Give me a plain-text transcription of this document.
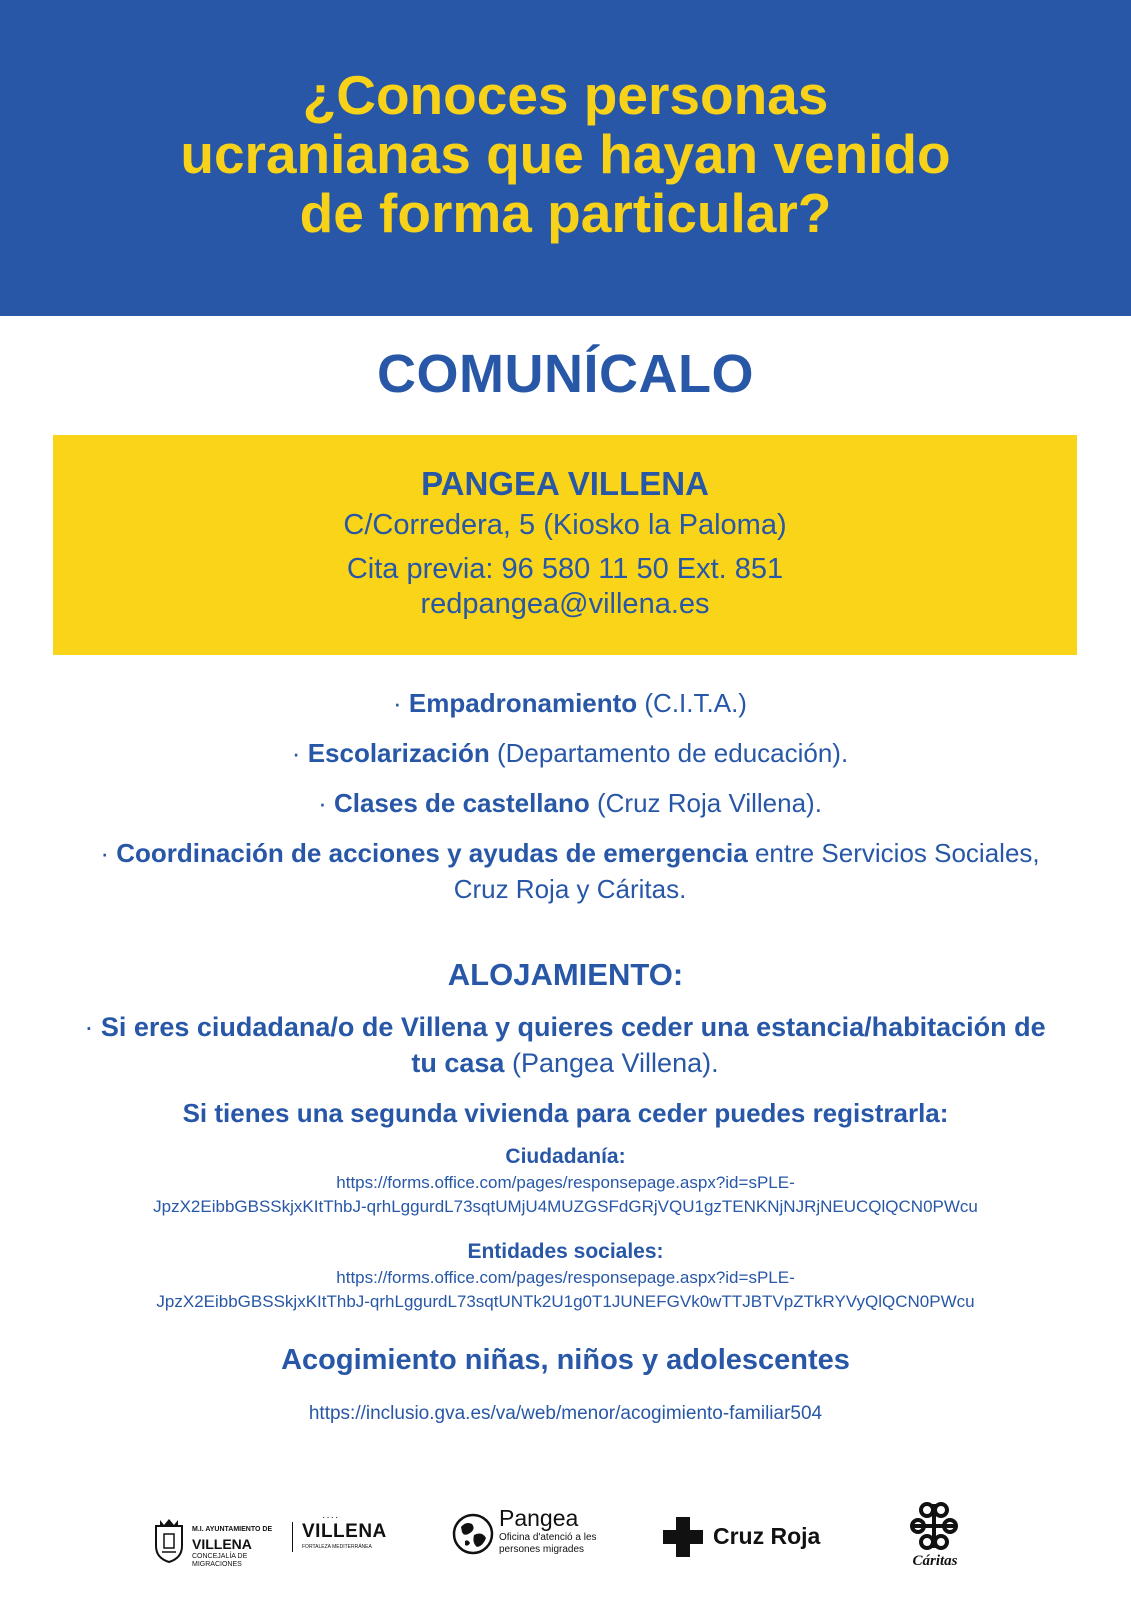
¿Conoces personas
ucranianas que hayan venido
de forma particular?
COMUNÍCALO
PANGEA VILLENA
C/Corredera, 5 (Kiosko la Paloma)
Cita previa: 96 580 11 50 Ext. 851
redpangea@villena.es

· Empadronamiento (C.I.T.A.)

· Escolarización (Departamento de educación).

· Clases de castellano (Cruz Roja Villena).

· Coordinación de acciones y ayudas de emergencia entre Servicios Sociales, Cruz Roja y Cáritas.

ALOJAMIENTO:

· Si eres ciudadana/o de Villena y quieres ceder una estancia/habitación de tu casa (Pangea Villena).

Si tienes una segunda vivienda para ceder puedes registrarla:

Ciudadanía:

https://forms.office.com/pages/responsepage.aspx?id=sPLE-
JpzX2EibbGBSSkjxKItThbJ-qrhLggurdL73sqtUMjU4MUZGSFdGRjVQU1gzTENKNjNJRjNEUCQlQCN0PWcu

Entidades sociales:

https://forms.office.com/pages/responsepage.aspx?id=sPLE-
JpzX2EibbGBSSkjxKItThbJ-qrhLggurdL73sqtUNTk2U1g0T1JUNEFGVk0wTTJBTVpZTkRYVyQlQCN0PWcu

Acogimiento niñas, niños y adolescentes

https://inclusio.gva.es/va/web/menor/acogimiento-familiar504

M.I. AYUNTAMIENTO DE
VILLENA
CONCEJALÍA DE
MIGRACIONES
····
VILLENA
FORTALEZA MEDITERRÁNEA
Pangea
Oficina d'atenció a les
persones migrades
Cruz Roja
Cáritas
